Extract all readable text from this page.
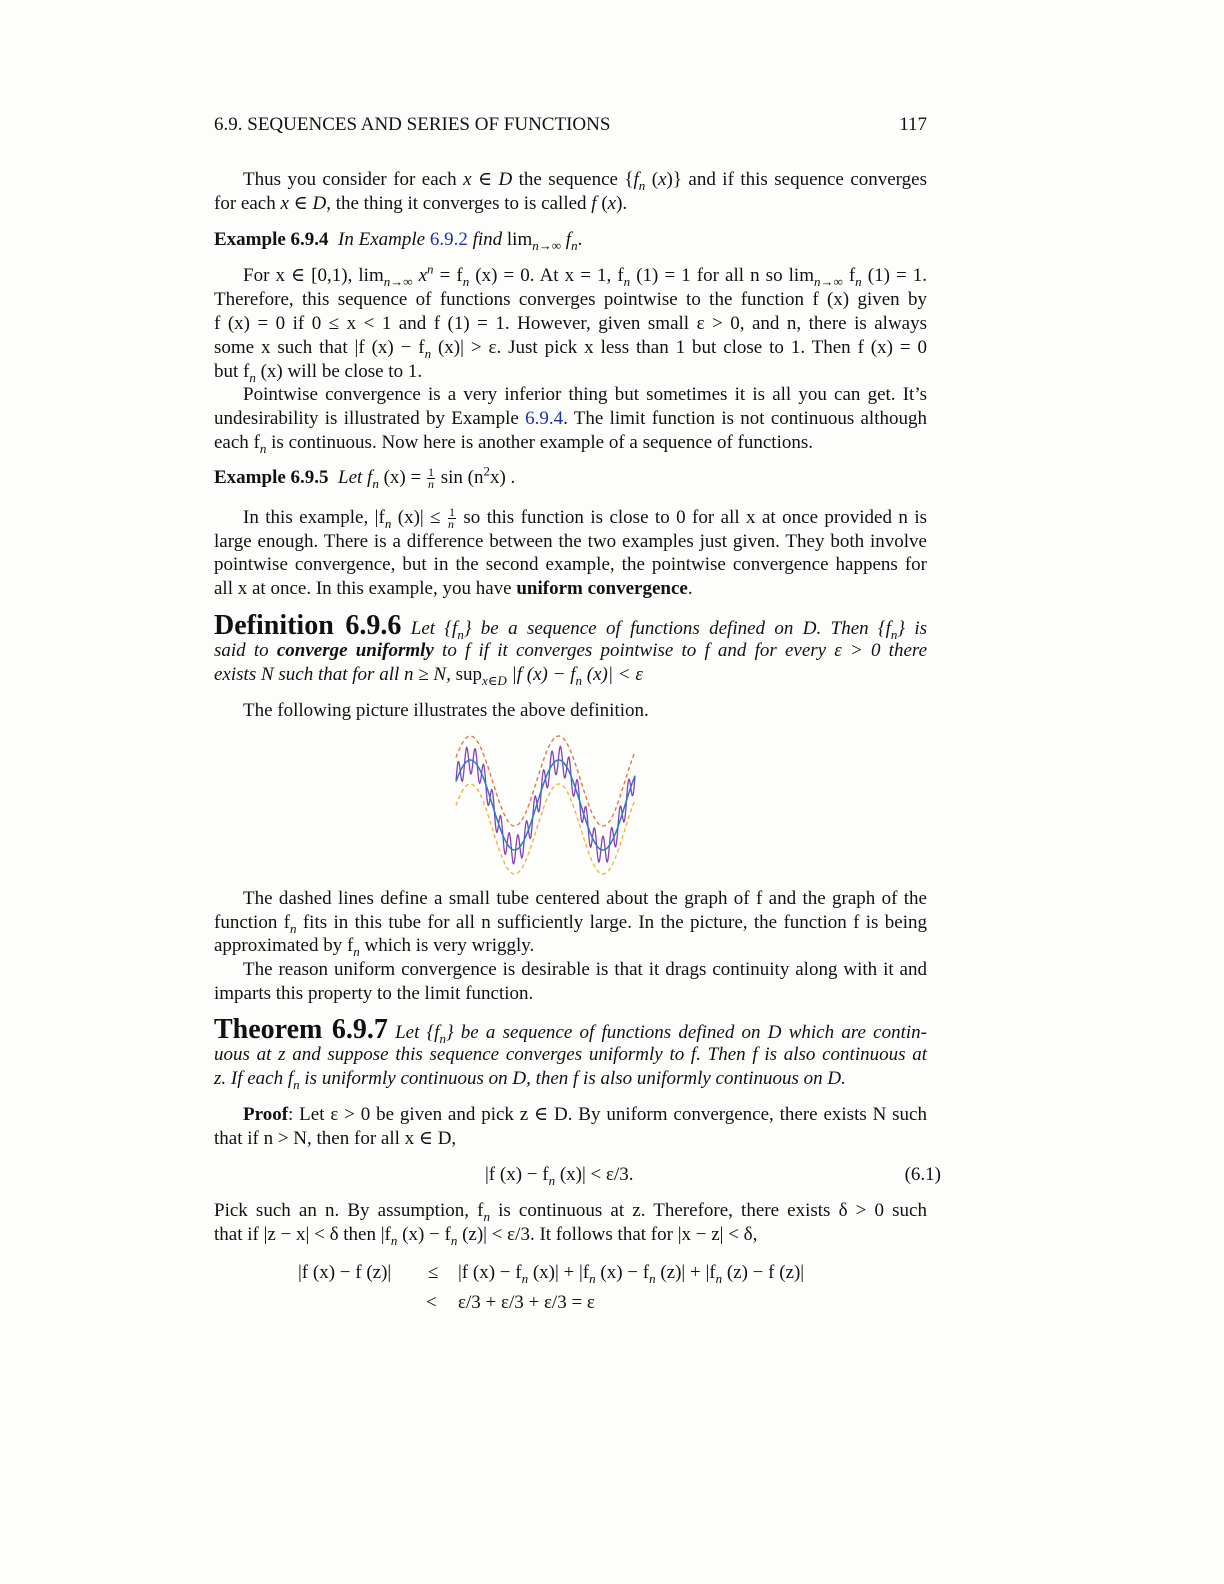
6.9. SEQUENCES AND SERIES OF FUNCTIONS	117
Thus you consider for each x ∈ D the sequence {$f_n$ (x)} and if this sequence converges
for each x ∈ D, the thing it converges to is called f (x).
Example 6.9.4 In Example 6.9.2 find $\lim_{n\to\infty} f_n$.
For x ∈ [0,1), $\lim_{n\to\infty} x^n = f_n$ (x) = 0. At x = 1, $f_n$ (1) = 1 for all n so $\lim_{n\to\infty} f_n$ (1) = 1.
Therefore, this sequence of functions converges pointwise to the function f (x) given by
f (x) = 0 if 0 ≤ x < 1 and f (1) = 1. However, given small ε > 0, and n, there is always
some x such that |f $(x) - f_n$ (x)| > ε. Just pick x less than 1 but close to 1. Then f (x) = 0
but $f_n$ (x) will be close to 1.
Pointwise convergence is a very inferior thing but sometimes it is all you can get. It’s
undesirability is illustrated by Example 6.9.4. The limit function is not continuous although
each $f_n$ is continuous. Now here is another example of a sequence of functions.
Example 6.9.5 Let $f_n$ $(x) = \frac{1}{n}$ $\sin (n^2x)$ .
In this example, $|f_n$ $(x)| \le \frac{1}{n}$ so this function is close to 0 for all x at once provided n is
large enough. There is a difference between the two examples just given. They both involve
pointwise convergence, but in the second example, the pointwise convergence happens for
all x at once. In this example, you have uniform convergence.
Definition 6.9.6 Let $\{f_n\}$ be a sequence of functions defined on D. Then $\{f_n\}$ is
said to converge uniformly to f if it converges pointwise to f and for every ε > 0 there
exists N such that for all n ≥ N, sup$_{x\in D}$ |f $(x) - f_n$ (x)| < ε
The following picture illustrates the above definition.
The dashed lines define a small tube centered about the graph of f and the graph of the
function $f_n$ fits in this tube for all n sufficiently large. In the picture, the function f is being
approximated by $f_n$ which is very wriggly.
The reason uniform convergence is desirable is that it drags continuity along with it and
imparts this property to the limit function.
Theorem 6.9.7 Let $\{f_n\}$ be a sequence of functions defined on D which are contin-
uous at z and suppose this sequence converges uniformly to f. Then f is also continuous at
z. If each $f_n$ is uniformly continuous on D, then f is also uniformly continuous on D.
Proof: Let ε > 0 be given and pick z ∈ D. By uniform convergence, there exists N such
that if n > N, then for all x ∈ D,
|f $(x) - f_n$ (x)| < ε/3.	(6.1)
Pick such an n. By assumption, $f_n$ is continuous at z. Therefore, there exists δ > 0 such
that if |z − x| < δ then $|f_n$ $(x) - f_n$ (z)| < ε/3. It follows that for |x − z| < δ,
|f (x) − f (z)| ≤ |f $(x) - f_n$ $(x)| + |f_n$ $(x) - f_n$ $(z)| + |f_n$ (z) − f (z)|
< ε/3 + ε/3 + ε/3 = ε
